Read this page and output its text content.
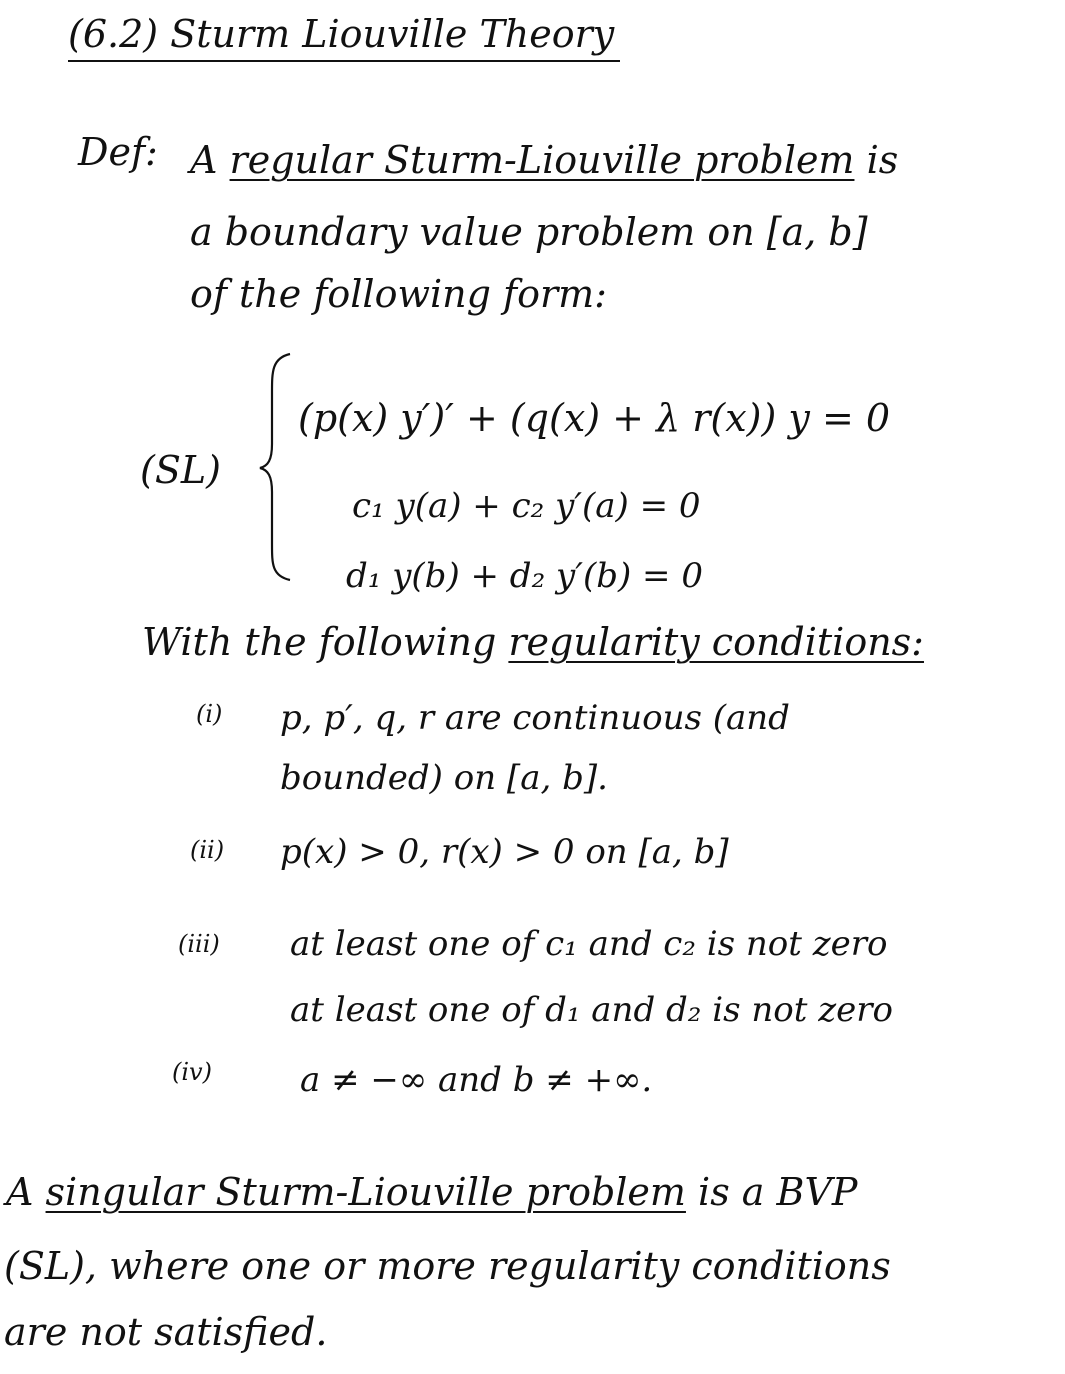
(6.2) Sturm Liouville Theory
Def: A regular Sturm-Liouville problem is
a boundary value problem on [a, b]
of the following form:
(SL)
(p(x) y′)′ + (q(x) + λ r(x)) y = 0
c₁ y(a) + c₂ y′(a) = 0
d₁ y(b) + d₂ y′(b) = 0
With the following regularity conditions:
(i) p, p′, q, r are continuous (and
bounded) on [a, b].
(ii) p(x) > 0, r(x) > 0 on [a, b]
(iii) at least one of c₁ and c₂ is not zero
at least one of d₁ and d₂ is not zero
(iv)	a ≠ −∞ and b ≠ +∞.
A singular Sturm-Liouville problem is a BVP
(SL), where one or more regularity conditions
are not satisfied.
